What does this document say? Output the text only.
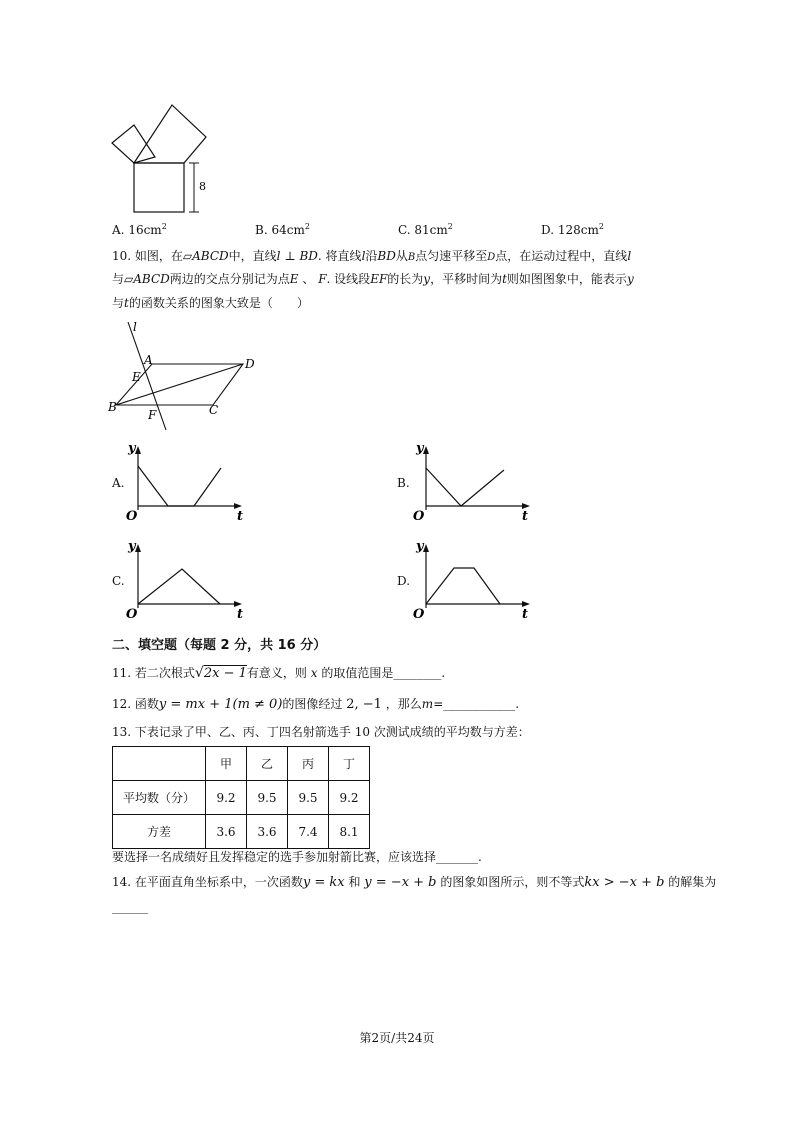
8
A. $16cm^2$	B. $64cm^2$	C. $81cm^2$	D. $128cm^2$
10. 如图，在▱ABCD中，直线l ⊥ BD. 将直线l沿BD从B点匀速平移至D点，在运动过程中，直线l
与▱ABCD两边的交点分别记为点E 、 F. 设线段EF的长为y，平移时间为t则如图图象中，能表示y
与t的函数关系的图象大致是（　　）
l
A	D
E
B
F	C
A.
y
t
O
B.
y
t
O
C.
y
t
O
D.
y
t
O
二、填空题（每题 2 分，共 16 分）
11. 若二次根式√2x − 1有意义，则 x 的取值范围是________.
12. 函数y = mx + 1(m ≠ 0)的图像经过 2, −1 ，那么m=____________.
13. 下表记录了甲、乙、丙、丁四名射箭选手 10 次测试成绩的平均数与方差：
	甲	乙	丙	丁
平均数（分）	9.2	9.5	9.5	9.2
方差	3.6	3.6	7.4	8.1
要选择一名成绩好且发挥稳定的选手参加射箭比赛，应该选择_______.
14. 在平面直角坐标系中，一次函数y = kx 和 y = −x + b 的图象如图所示，则不等式kx > −x + b 的解集为
______
第2页/共24页
